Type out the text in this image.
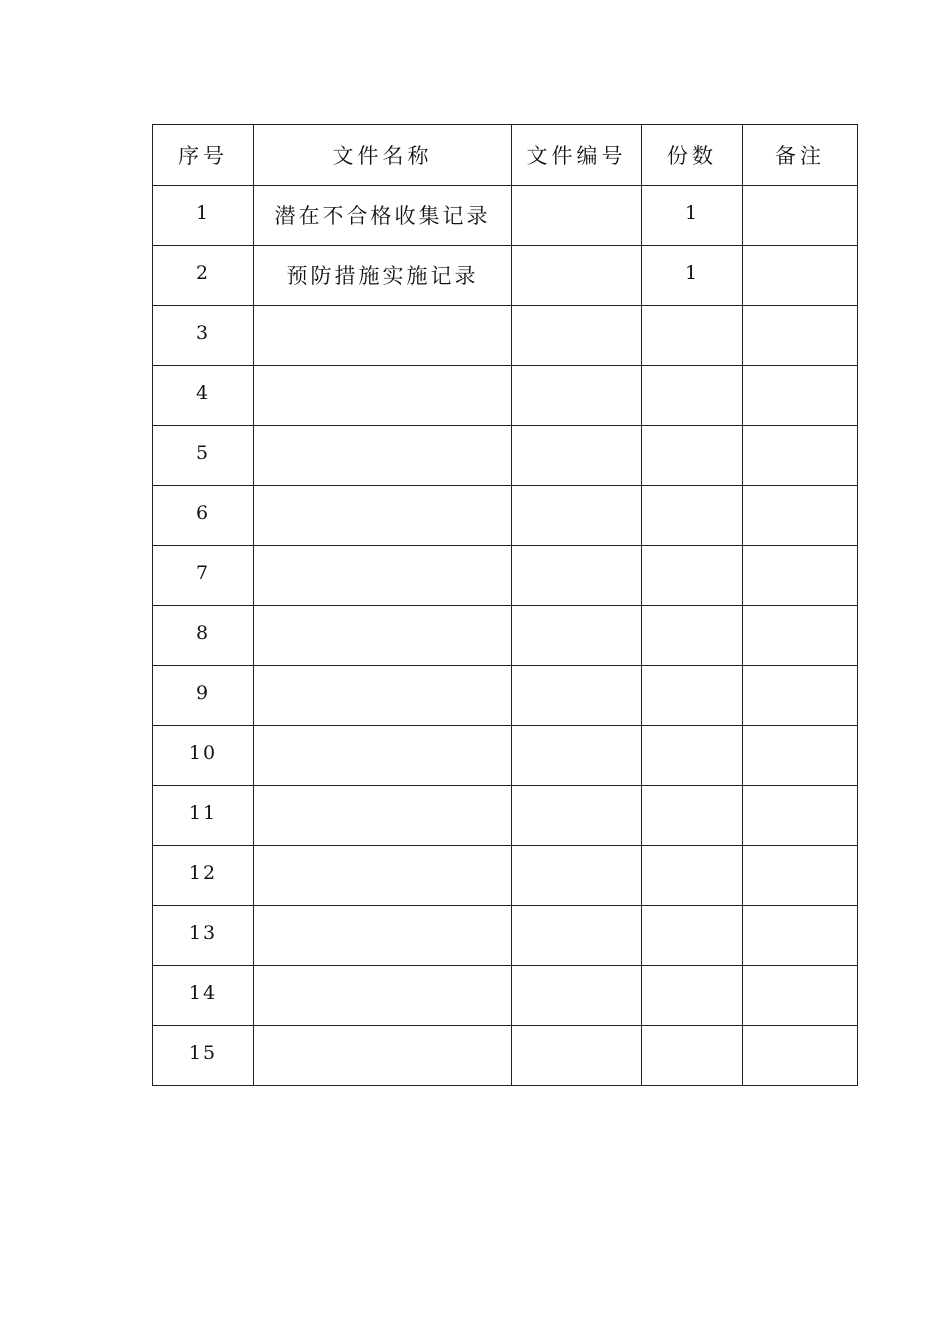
序号	文件名称	文件编号	份数	备注
1	潜在不合格收集记录		1	
2	预防措施实施记录		1	
3				
4				
5				
6				
7				
8				
9				
10				
11				
12				
13				
14				
15				
